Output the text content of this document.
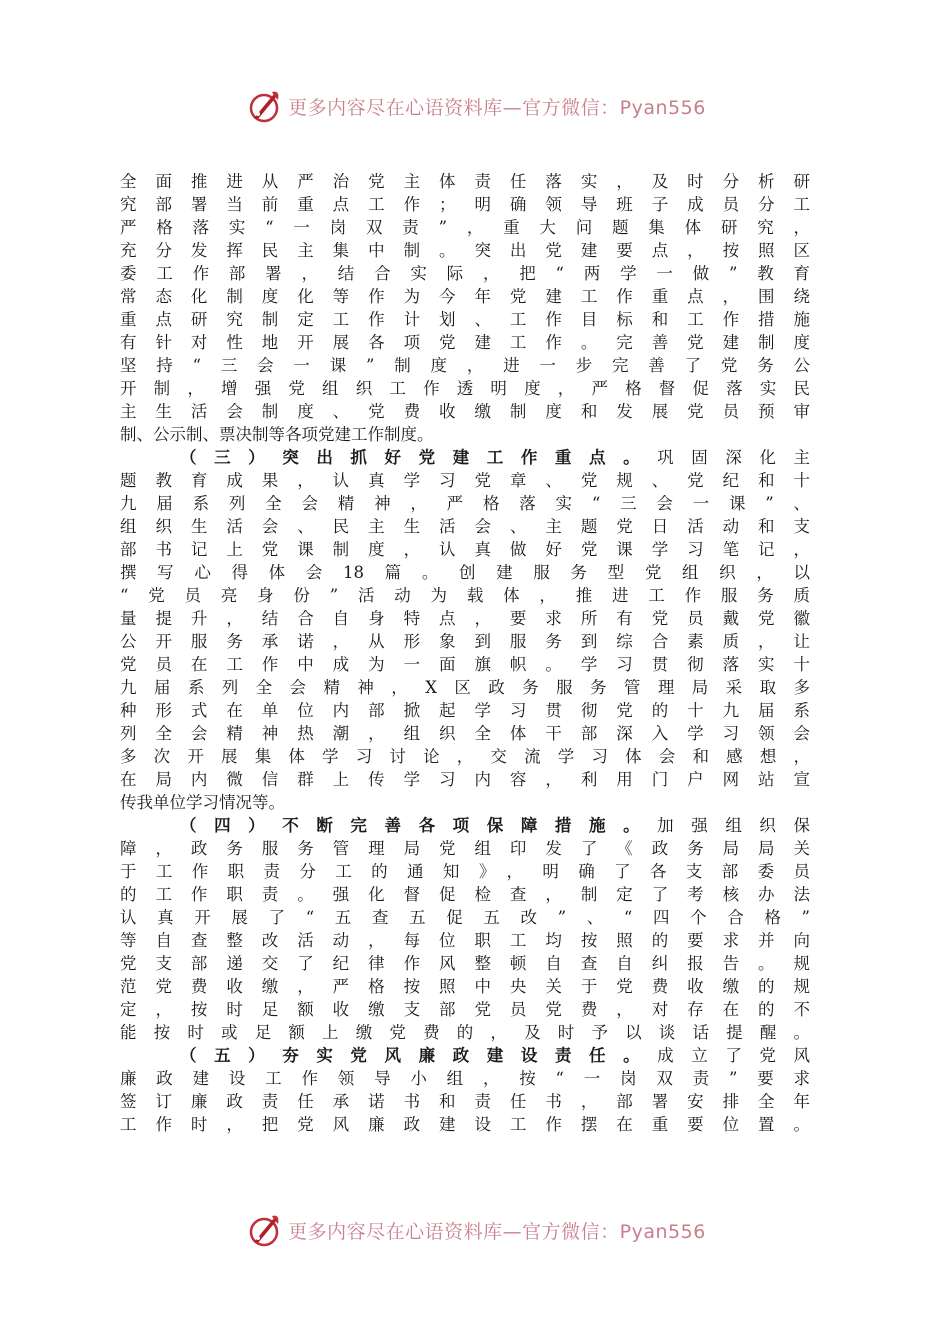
更多内容尽在心语资料库—官方微信：Pyan556
全面推进从严治党主体责任落实，及时分析研
究部署当前重点工作；明确领导班子成员分工
严格落实“一岗双责”，重大问题集体研究，
充分发挥民主集中制。突出党建要点，按照区
委工作部署，结合实际，把“两学一做”教育
常态化制度化等作为今年党建工作重点，围绕
重点研究制定工作计划、工作目标和工作措施
有针对性地开展各项党建工作。完善党建制度
坚持“三会一课”制度，进一步完善了党务公
开制，增强党组织工作透明度，严格督促落实民
主生活会制度、党费收缴制度和发展党员预审
制、公示制、票决制等各项党建工作制度。
（三）突出抓好党建工作重点。巩固深化主
题教育成果，认真学习党章、党规、党纪和十
九届系列全会精神，严格落实“三会一课”、
组织生活会、民主生活会、主题党日活动和支
部书记上党课制度，认真做好党课学习笔记，
撰写心得体会18篇。创建服务型党组织，以
“党员亮身份”活动为载体，推进工作服务质
量提升，结合自身特点，要求所有党员戴党徽
公开服务承诺，从形象到服务到综合素质，让
党员在工作中成为一面旗帜。学习贯彻落实十
九届系列全会精神，X区政务服务管理局采取多
种形式在单位内部掀起学习贯彻党的十九届系
列全会精神热潮，组织全体干部深入学习领会
多次开展集体学习讨论，交流学习体会和感想，
在局内微信群上传学习内容，利用门户网站宣
传我单位学习情况等。
（四）不断完善各项保障措施。加强组织保
障，政务服务管理局党组印发了《政务局局关
于工作职责分工的通知》，明确了各支部委员
的工作职责。强化督促检查，制定了考核办法
认真开展了“五查五促五改”、“四个合格”
等自查整改活动，每位职工均按照的要求并向
党支部递交了纪律作风整顿自查自纠报告。规
范党费收缴，严格按照中央关于党费收缴的规
定，按时足额收缴支部党员党费，对存在的不
能按时或足额上缴党费的，及时予以谈话提醒。
（五）夯实党风廉政建设责任。成立了党风
廉政建设工作领导小组，按“一岗双责”要求
签订廉政责任承诺书和责任书，部署安排全年
工作时，把党风廉政建设工作摆在重要位置。
更多内容尽在心语资料库—官方微信：Pyan556
